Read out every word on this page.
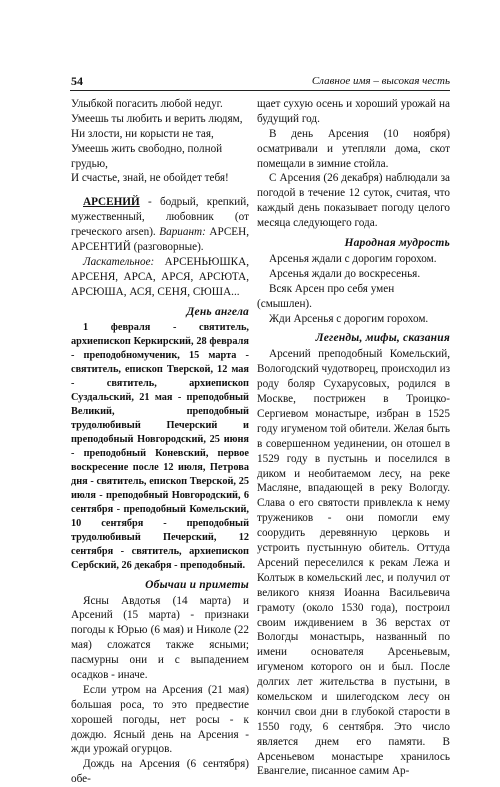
54	Славное имя – высокая честь

Улыбкой погасить любой недуг.

Умеешь ты любить и верить людям,

Ни злости, ни корысти не тая,

Умеешь жить свободно, полной грудью,

И счастье, знай, не обойдет тебя!

АРСЕНИЙ - бодрый, крепкий, мужественный, любовник (от греческого arsen). Вариант: АРСЕН, АРСЕНТИЙ (разговорные).

Ласкательное: АРСЕНЬЮШКА, АРСЕНЯ, АРСА, АРСЯ, АРСЮТА, АРСЮША, АСЯ, СЕНЯ, СЮША...

День ангела

1 февраля - святитель, архиепископ Керкирский, 28 февраля - преподобномученик, 15 марта - святитель, епископ Тверской, 12 мая - святитель, архиепископ Суздальский, 21 мая - преподобный Великий, преподобный трудолюбивый Печерский и преподобный Новгородский, 25 июня - преподобный Коневский, первое воскресение после 12 июля, Петрова дня - святитель, епископ Тверской, 25 июля - преподобный Новгородский, 6 сентября - преподобный Комельский, 10 сентября - преподобный трудолюбивый Печерский, 12 сентября - святитель, архиепископ Сербский, 26 декабря - преподобный.

Обычаи и приметы

Ясны Авдотья (14 марта) и Арсений (15 марта) - признаки погоды к Юрью (6 мая) и Николе (22 мая) сложатся также ясными; пасмурны они и с выпадением осадков - иначе.

Если утром на Арсения (21 мая) большая роса, то это предвестие хорошей погоды, нет росы - к дождю. Ясный день на Арсения - жди урожай огурцов.

Дождь на Арсения (6 сентября) обе-

щает сухую осень и хороший урожай на будущий год.

В день Арсения (10 ноября) осматривали и утепляли дома, скот помещали в зимние стойла.

С Арсения (26 декабря) наблюдали за погодой в течение 12 суток, считая, что каждый день показывает погоду целого месяца следующего года.

Народная мудрость

Арсенья ждали с дорогим горохом.

Арсенья ждали до воскресенья.

Всяк Арсен про себя умен (смышлен).

Жди Арсенья с дорогим горохом.

Легенды, мифы, сказания

Арсений преподобный Комельский, Вологодский чудотворец, происходил из роду боляр Сухарусовых, родился в Москве, пострижен в Троицко-Сергиевом монастыре, избран в 1525 году игуменом той обители. Желая быть в совершенном уединении, он отошел в 1529 году в пустынь и поселился в диком и необитаемом лесу, на реке Масляне, впадающей в реку Вологду. Слава о его святости привлекла к нему тружеников - они помогли ему соорудить деревянную церковь и устроить пустынную обитель. Оттуда Арсений переселился к рекам Лежа и Колтыж в комельский лес, и получил от великого князя Иоанна Васильевича грамоту (около 1530 года), построил своим иждивением в 36 верстах от Вологды монастырь, названный по имени основателя Арсеньевым, игуменом которого он и был. После долгих лет жительства в пустыни, в комельском и шилегодском лесу он кончил свои дни в глубокой старости в 1550 году, 6 сентября. Это число является днем его памяти. В Арсеньевом монастыре хранилось Евангелие, писанное самим Ар-
